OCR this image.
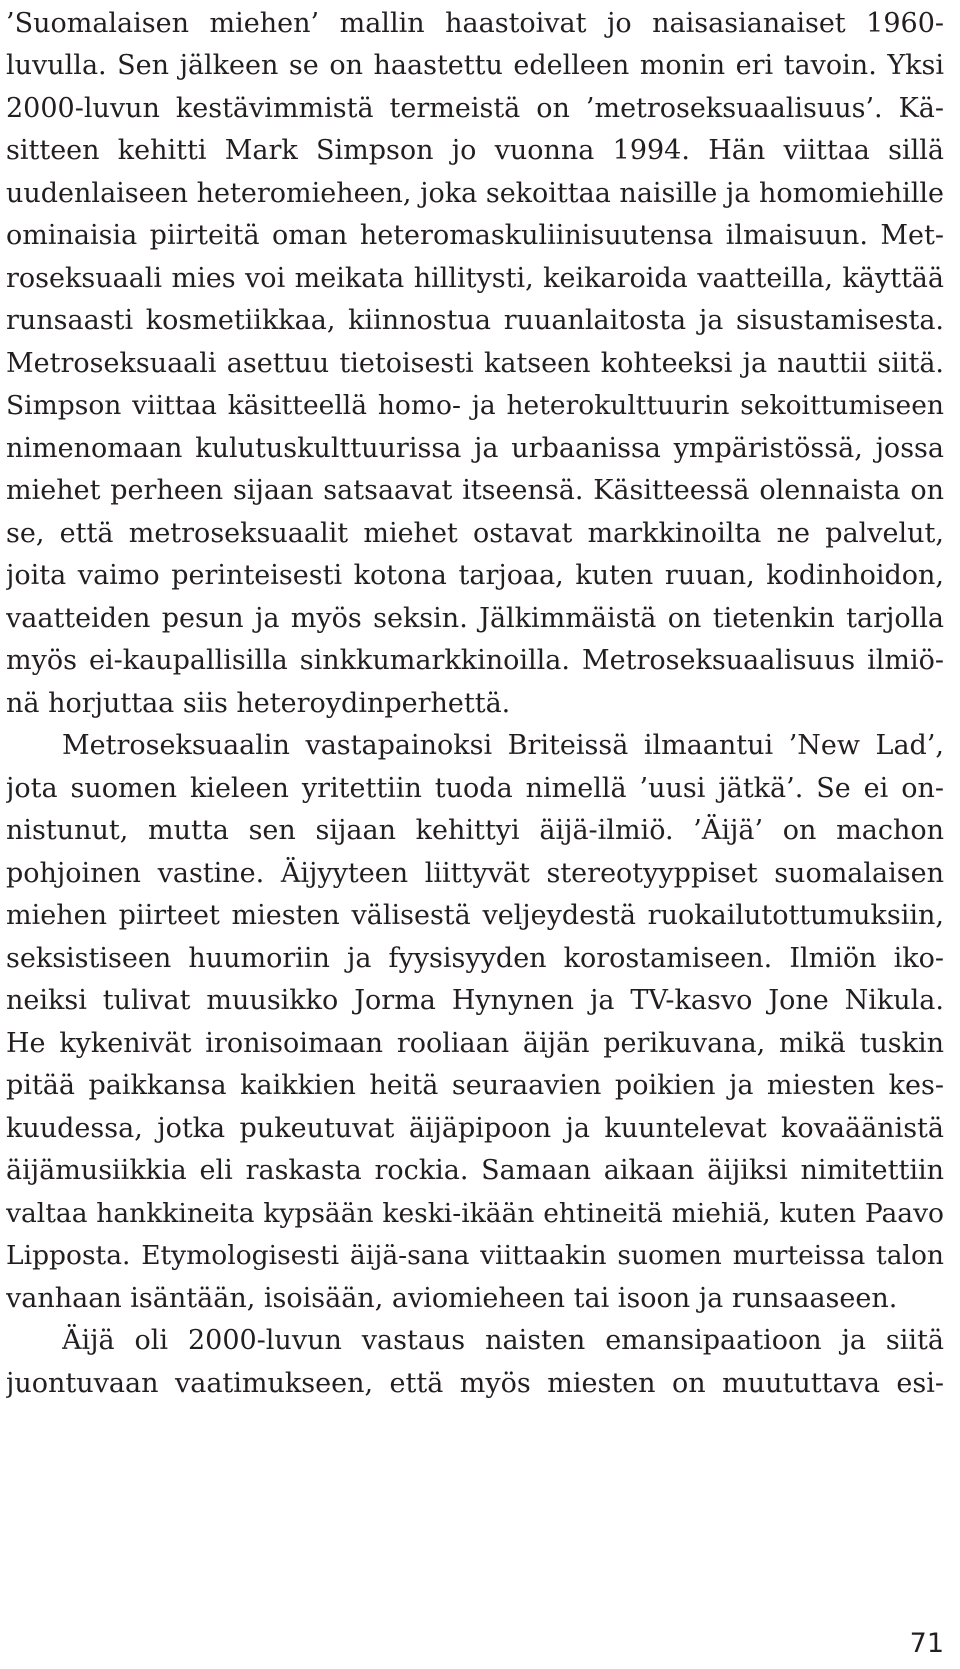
’Suomalaisen miehen’ mallin haastoivat jo naisasianaiset 1960-
luvulla. Sen jälkeen se on haastettu edelleen monin eri tavoin. Yksi
2000-luvun kestävimmistä termeistä on ’metroseksuaalisuus’. Kä-
sitteen kehitti Mark Simpson jo vuonna 1994. Hän viittaa sillä
uudenlaiseen heteromieheen, joka sekoittaa naisille ja homomiehille
ominaisia piirteitä oman heteromaskuliinisuutensa ilmaisuun. Met-
roseksuaali mies voi meikata hillitysti, keikaroida vaatteilla, käyttää
runsaasti kosmetiikkaa, kiinnostua ruuanlaitosta ja sisustamisesta.
Metroseksuaali asettuu tietoisesti katseen kohteeksi ja nauttii siitä.
Simpson viittaa käsitteellä homo- ja heterokulttuurin sekoittumiseen
nimenomaan kulutuskulttuurissa ja urbaanissa ympäristössä, jossa
miehet perheen sijaan satsaavat itseensä. Käsitteessä olennaista on
se, että metroseksuaalit miehet ostavat markkinoilta ne palvelut,
joita vaimo perinteisesti kotona tarjoaa, kuten ruuan, kodinhoidon,
vaatteiden pesun ja myös seksin. Jälkimmäistä on tietenkin tarjolla
myös ei-kaupallisilla sinkkumarkkinoilla. Metroseksuaalisuus ilmiö-
nä horjuttaa siis heteroydinperhettä.
Metroseksuaalin vastapainoksi Briteissä ilmaantui ’New Lad’,
jota suomen kieleen yritettiin tuoda nimellä ’uusi jätkä’. Se ei on-
nistunut, mutta sen sijaan kehittyi äijä-ilmiö. ’Äijä’ on machon
pohjoinen vastine. Äijyyteen liittyvät stereotyyppiset suomalaisen
miehen piirteet miesten välisestä veljeydestä ruokailutottumuksiin,
seksistiseen huumoriin ja fyysisyyden korostamiseen. Ilmiön iko-
neiksi tulivat muusikko Jorma Hynynen ja TV-kasvo Jone Nikula.
He kykenivät ironisoimaan rooliaan äijän perikuvana, mikä tuskin
pitää paikkansa kaikkien heitä seuraavien poikien ja miesten kes-
kuudessa, jotka pukeutuvat äijäpipoon ja kuuntelevat kovaäänistä
äijämusiikkia eli raskasta rockia. Samaan aikaan äijiksi nimitettiin
valtaa hankkineita kypsään keski-ikään ehtineitä miehiä, kuten Paavo
Lipposta. Etymologisesti äijä-sana viittaakin suomen murteissa talon
vanhaan isäntään, isoisään, aviomieheen tai isoon ja runsaaseen.
Äijä oli 2000-luvun vastaus naisten emansipaatioon ja siitä
juontuvaan vaatimukseen, että myös miesten on muututtava esi-
71
